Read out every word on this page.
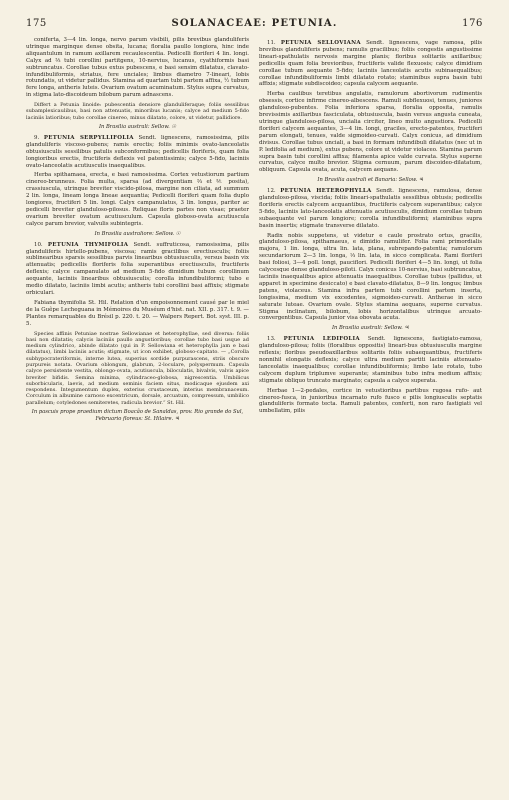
175	SOLANACEAE: PETUNIA.	176

coniferta, 3—4 lin. longa, nervo parum visibili, pilis brevibus glanduliferis utrinque marginque dense obsita, lucana; floralia paullo longiora, hinc inde aliquantulum in ramum axillarem recaulescentia. Pedicelli floriferi 4 lin. longi. Calyx ad ⅔ tubi corollini partitgens, 10-nervius, lucanus, cyathiformis basi subtruncatus. Corollae tubus extus pubescens, e basi sensim dilatatus, clavato-infundibuliformis, striatus, fere unciales; limbus diametro 7-lineari, lobis rotundatis, ut videtur pallidus. Stamina ad quartam tubi partem affixa, ½ tubum fere longa, antheris luteis. Ovarium ovatum acuminatum. Stylus supra curvatus, in stigma lato-discoideum bilobum parum adnascens.

Differt a Petunia linoide: pubescentia densiore glanduliferaque; foliis sessilibus subamplexicaulibus, basi non attenuatis, minoribus lucanis; calyce ad medium 5-fido laciniis latioribus; tubo corollae cinereo, minus dilatato, colore, ut videtur, pallidiore.

In Brasilia australi: Sellow. ☉

9. PETUNIA SERPYLLIFOLIA Sendt. lignescens, ramosissima, pilis glanduliferis viscoso-pubens; ramis erectis; foliis minimis ovato-lanceolatis obtusiusculis sessilibus patulis subconformibus; pedicellis floriferis, quam folia longioribus erectis, fructiferis deflexis vel patentissimis; calyce 5-fido, laciniis ovato-lanceolatis acutiusculis inaequalibus.

Herba spithamaea, erecta, e basi ramosissima. Cortex vetustiorum partium cinereo-brunneus. Folia multa, sparsa (ad divergentiam ⅔ et ⅖ posita), crassiuscula, utrinque breviter viscido-pilosa, margine non ciliata, ad summum 2 lin. longa, lineam longa lineae aequantia; Pedicelli floriferi quam folia duplo longiores, fructiferi 5 lin. longi. Calyx campanulatus, 3 lin. longus, pariter ac pedicelli breviter glanduloso-pilosus. Reliquae floris partes non visae; praeter ovarium breviter ovatum acutiusculum. Capsula globoso-ovata acutiuscula calyce parum brevior, valvulis subintegris.

In Brasilia australiore: Sellow. ☉

10. PETUNIA THYMIFOLIA Sendt. suffruticosa, ramosissima, pilis glanduliferis hirtello-pubens, viscosa; ramis gracilibus erectiusculis; foliis sublinearibus sparsis sessilibus parvis linearibus obtusiusculis, versus basin vix attenuatis; pedicellis floriferis folia superantibus erectiusculis, fructiferis deflexis; calyce campanulato ad medium 5-fido dimidium tubum corollinum aequante, laciniis linearibus obtusiusculis; corolla infundibuliformi; tubo e medio dilatato, laciniis limbi acutis; antheris tubi corollini basi affixis; stigmate orbiculari.

Fabiana thymifolia St. Hil. Relation d'un empoisonnement causé par le miel de la Guêpe Lecheguana in Mémoires du Muséum d'hist. nat. XII. p. 317. t. 9. — Plantes remarquables du Brésil p. 220. t. 20. — Walpers Repert. Bot. syst. III. p. 5.

Species affinis Petuniae nostrae Sellowianae et heterophyllae, sed diversa: foliis basi non dilatatis; calycis laciniis paullo angustioribus; corollae tubo basi usque ad medium cylindrico, abinde dilatato (qui in P. Sellowiana et heterophylla jam e basi dilatatus), limbi laciniis acutis; stigmate, ut icon exhibet, globoso-capitato. — „Corolla subhypocrateriformis, interne lutea, superius sordide purpurascens, striis obscure purpureis notata. Ovarium oblongum, glabrum, 2-loculare, polyspermum. Capsula calyce persistente vestita, oblongo-ovata, acutiuscula, biloculatis, bivalvis, valvis apice breviter bifidis. Semina minima, cylindraceo-globosa, nigrescentia. Umbilicus suborbicularis, laevis, ad medium seminis faciem situs, modicaque ejusdem axi respondens. Integumentum duplex, exterius crustaceum, interius membranaceum. Corculum in albumine carnoso excentricum, dorsale, arcuatum, compressum, umbilico parallelum; cotyledones semiteretes, radicula brevior.“ St. Hil.

In pascuis prope praedium dictum Boacão de Sanaldas, prov. Rio grande do Sul, Februario floreus: St. Hilaire. ♃

11. PETUNIA SELLOVIANA Sendt. lignescens, vage ramosa, pilis brevibus glanduliferis pubens; ramulis gracilibus; foliis congestis angustissime lineari-spathulatis nervosis margine planis; floribus solitariis axillaribus; pedicellis quam folia brevioribus, fructiferis valide flexuosis; calyce dimidium corollae tubum aequante 5-fido; laciniis lanceolatis acutis subinaequalibus; corollae infundibuliformis limbi dilatato rotato; staminibus supra basin tubi affixis; stigmate subdiscoideo; capsula calycem aequante.

Herba caulibus teretibus angulatis, ramulorum abortivorum rudimentis obsessis, cortice infirme cinereo-albescens. Ramuli subflexuosi, tenues, juniores glanduloso-pubentes. Folia inferiora sparsa, floralia opposita, ramulis brevissimis axillaribus fasciculata, obtusiuscula, basin versus angusta cuneata, utrinque glanduloso-pilosa, uncialia circiter, lineo multo angustiora. Pedicelli floriferi calycem aequantes, 3—4 lin. longi, graciles, erecto-patentes, fructiferi parum elongati, tenues, valde sigmoideo-curvati. Calyx conicus, ad dimidium divisus. Corollae tubus unciali, a basi in formam infundibuli dilatatus (nec ut in P. ledifolia ad medium), extus pubens, colore ut videtur violaceo. Stamina parum supra basin tubi corollini affixa; filamenta apice valde curvata. Stylus superne curvatus, calyce multo brevior. Stigma cernuum, parum discoideo-dilatatum, obliquum. Capsula ovata, acuta, calycem aequans.

In Brasilia australi et Banaria: Sellow. ♃

12. PETUNIA HETEROPHYLLA Sendt. lignescens, ramulosa, dense glanduloso-pilosa, viscida; foliis lineari-spathulatis sessilibus obtusis; pedicellis floriferis erectis calycem acquantibus, fructiferis calycem superantibus; calyce 5-fido, laciniis lato-lanceolatis attenuatis acutiusculis, dimidium corollae tubum subaequante vel parum longiore; corolla infundibuliformi; staminibus supra basin insertis; stigmate transverse dilatato.

Radix nobis suppetens, ut videtur e caule prostrato ortus, gracilis, glanduloso-pilosa, spithamaeus, e dimidio ramulifer. Folia rami primordialis majora, 1 lin. longa, ultra lin. lata, plana, subrepando-patentia; ramulorum secundariorum 2—3 lin. longa, ⅓ lin. lata, in sicco complicata. Rami floriferi basi foliosi, 3—4 poll. longi, pauciflori. Pedicelli floriferi 4—5 lin. longi, ut folia calycesque dense glanduloso-piloti. Calyx conicus 10-nervius, basi subtruncatus, laciniis inaequalibus apice attenuatis inaequalibus. Corollae tubus (pallidus, ut apparet in specimine desiccato) e basi clavato-dilatatus, 8—9 lin. longus; limbus patens, violaceus. Stamina infra partem tubi corollini partem inserta, longissima, medium vix excedentes, sigmoideo-curvati. Antherae in sicco saturate luteae. Ovarium ovale. Stylus stamina aequans, superne curvatus. Stigma inclinatum, bilobum, lobis horizontalibus utrinque arcuato-convergentibus. Capsula junior visa obovata acuta.

In Brasilia australi: Sellow. ♃

13. PETUNIA LEDIFOLIA Sendt. lignescens, fastigiato-ramosa, glanduloso-pilosa; foliis (floralibus oppositis) lineari-bus obtusiusculis margine reflexis; floribus pseudoaxillaribus solitariis foliis subaequantibus, fructiferis nonnihil elongatis deflexis; calyce ultra medium partiti laciniis attenuato-lanceolatis inaequalibus; corollae infundibuliformis; limbo late rotato, tubo calycem duplum triplumve superante; staminibus tubo infra medium affixis; stigmate obliquo truncato marginato; capsula a calyce superata.

Herbae 1—2-pedales, cortice in vetustioribus partibus rugosa rufo- aut cinereo-fusca, in junioribus incarnato rufo fusco e pilis longiusculis septatis glanduliferis formato tecta. Ramuli patentes, conferti, non raro fastigiati vel umbellatim, pilis
